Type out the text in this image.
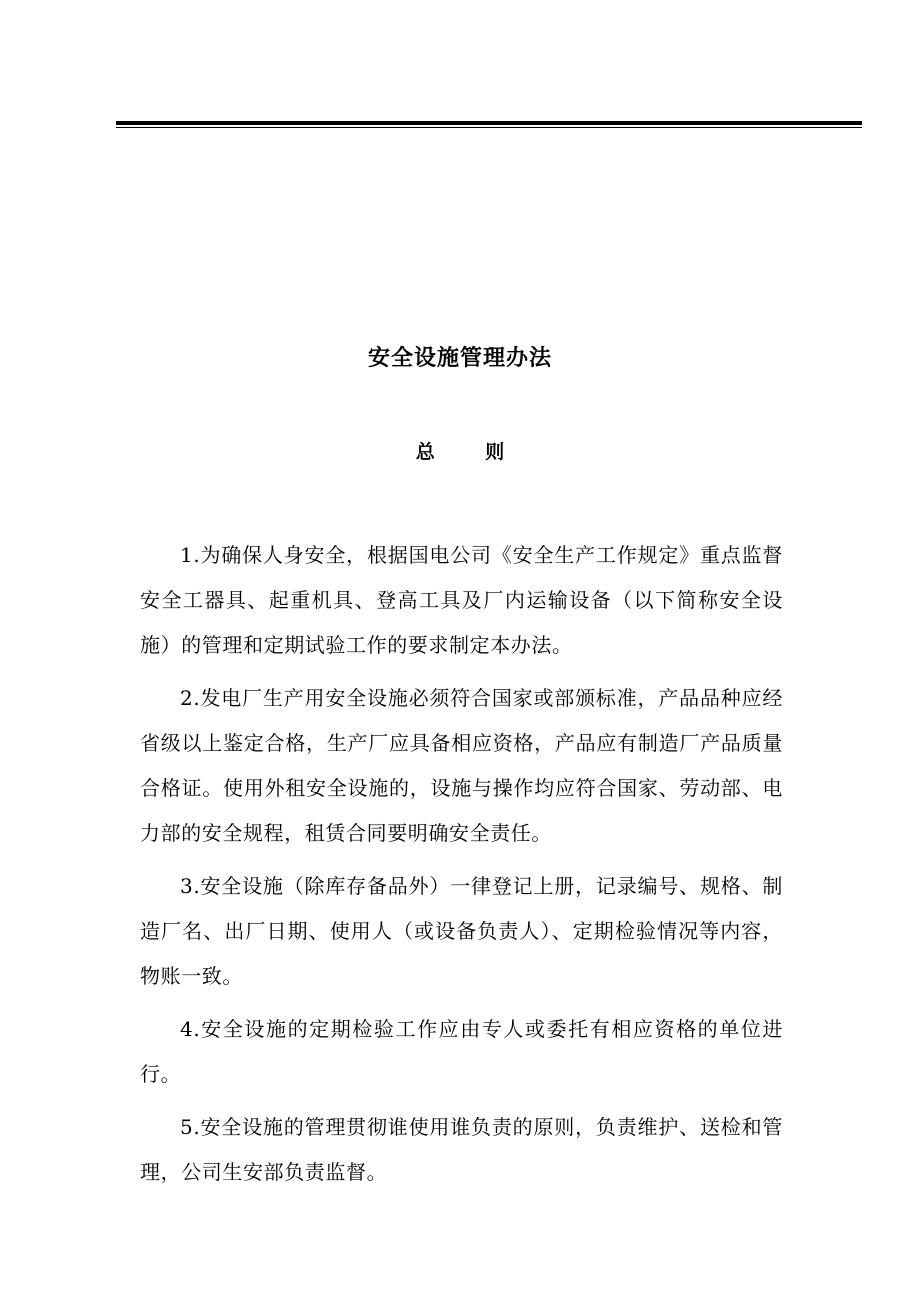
安全设施管理办法
总 则

1.为确保人身安全，根据国电公司《安全生产工作规定》重点监督安全工器具、起重机具、登高工具及厂内运输设备（以下简称安全设施）的管理和定期试验工作的要求制定本办法。

2.发电厂生产用安全设施必须符合国家或部颁标准，产品品种应经省级以上鉴定合格，生产厂应具备相应资格，产品应有制造厂产品质量合格证。使用外租安全设施的，设施与操作均应符合国家、劳动部、电力部的安全规程，租赁合同要明确安全责任。

3.安全设施（除库存备品外）一律登记上册，记录编号、规格、制造厂名、出厂日期、使用人（或设备负责人）、定期检验情况等内容，物账一致。

4.安全设施的定期检验工作应由专人或委托有相应资格的单位进行。

5.安全设施的管理贯彻谁使用谁负责的原则，负责维护、送检和管理，公司生安部负责监督。
